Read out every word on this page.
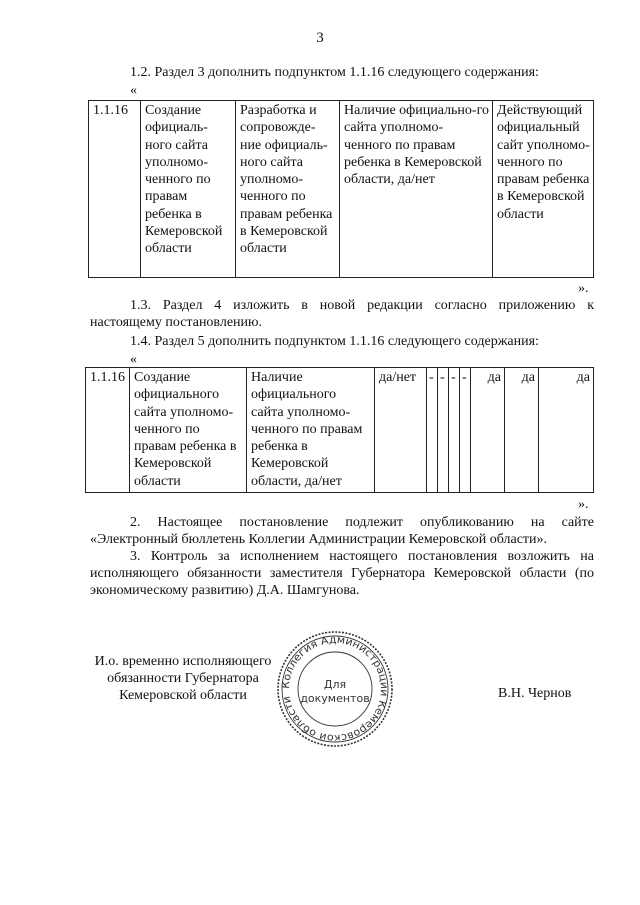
3
1.2. Раздел 3 дополнить подпунктом 1.1.16 следующего содержания:
«
1.1.16	Создание официаль-ного сайта уполномо-ченного по правам ребенка в Кемеровской области	Разработка и сопровожде-ние официаль-ного сайта уполномо-ченного по правам ребенка в Кемеровской области	Наличие официально-го сайта уполномо-ченного по правам ребенка в Кемеровской области, да/нет	Действующий официальный сайт уполномо-ченного по правам ребенка в Кемеровской области
».
1.3. Раздел 4 изложить в новой редакции согласно приложению к настоящему постановлению.
1.4. Раздел 5 дополнить подпунктом 1.1.16 следующего содержания:
«
1.1.16	Создание официального сайта уполномо-ченного по правам ребенка в Кемеровской области	Наличие официального сайта уполномо-ченного по правам ребенка в Кемеровской области, да/нет	да/нет	-	-	-	-	да	да	да
».
2. Настоящее постановление подлежит опубликованию на сайте «Электронный бюллетень Коллегии Администрации Кемеровской области».
3. Контроль за исполнением настоящего постановления возложить на исполняющего обязанности заместителя Губернатора Кемеровской области (по экономическому развитию) Д.А. Шамгунова.
И.о. временно исполняющего
обязанности Губернатора
Кемеровской области
Коллегия Администрации Кемеровской области
Для
документов	В.Н. Чернов
